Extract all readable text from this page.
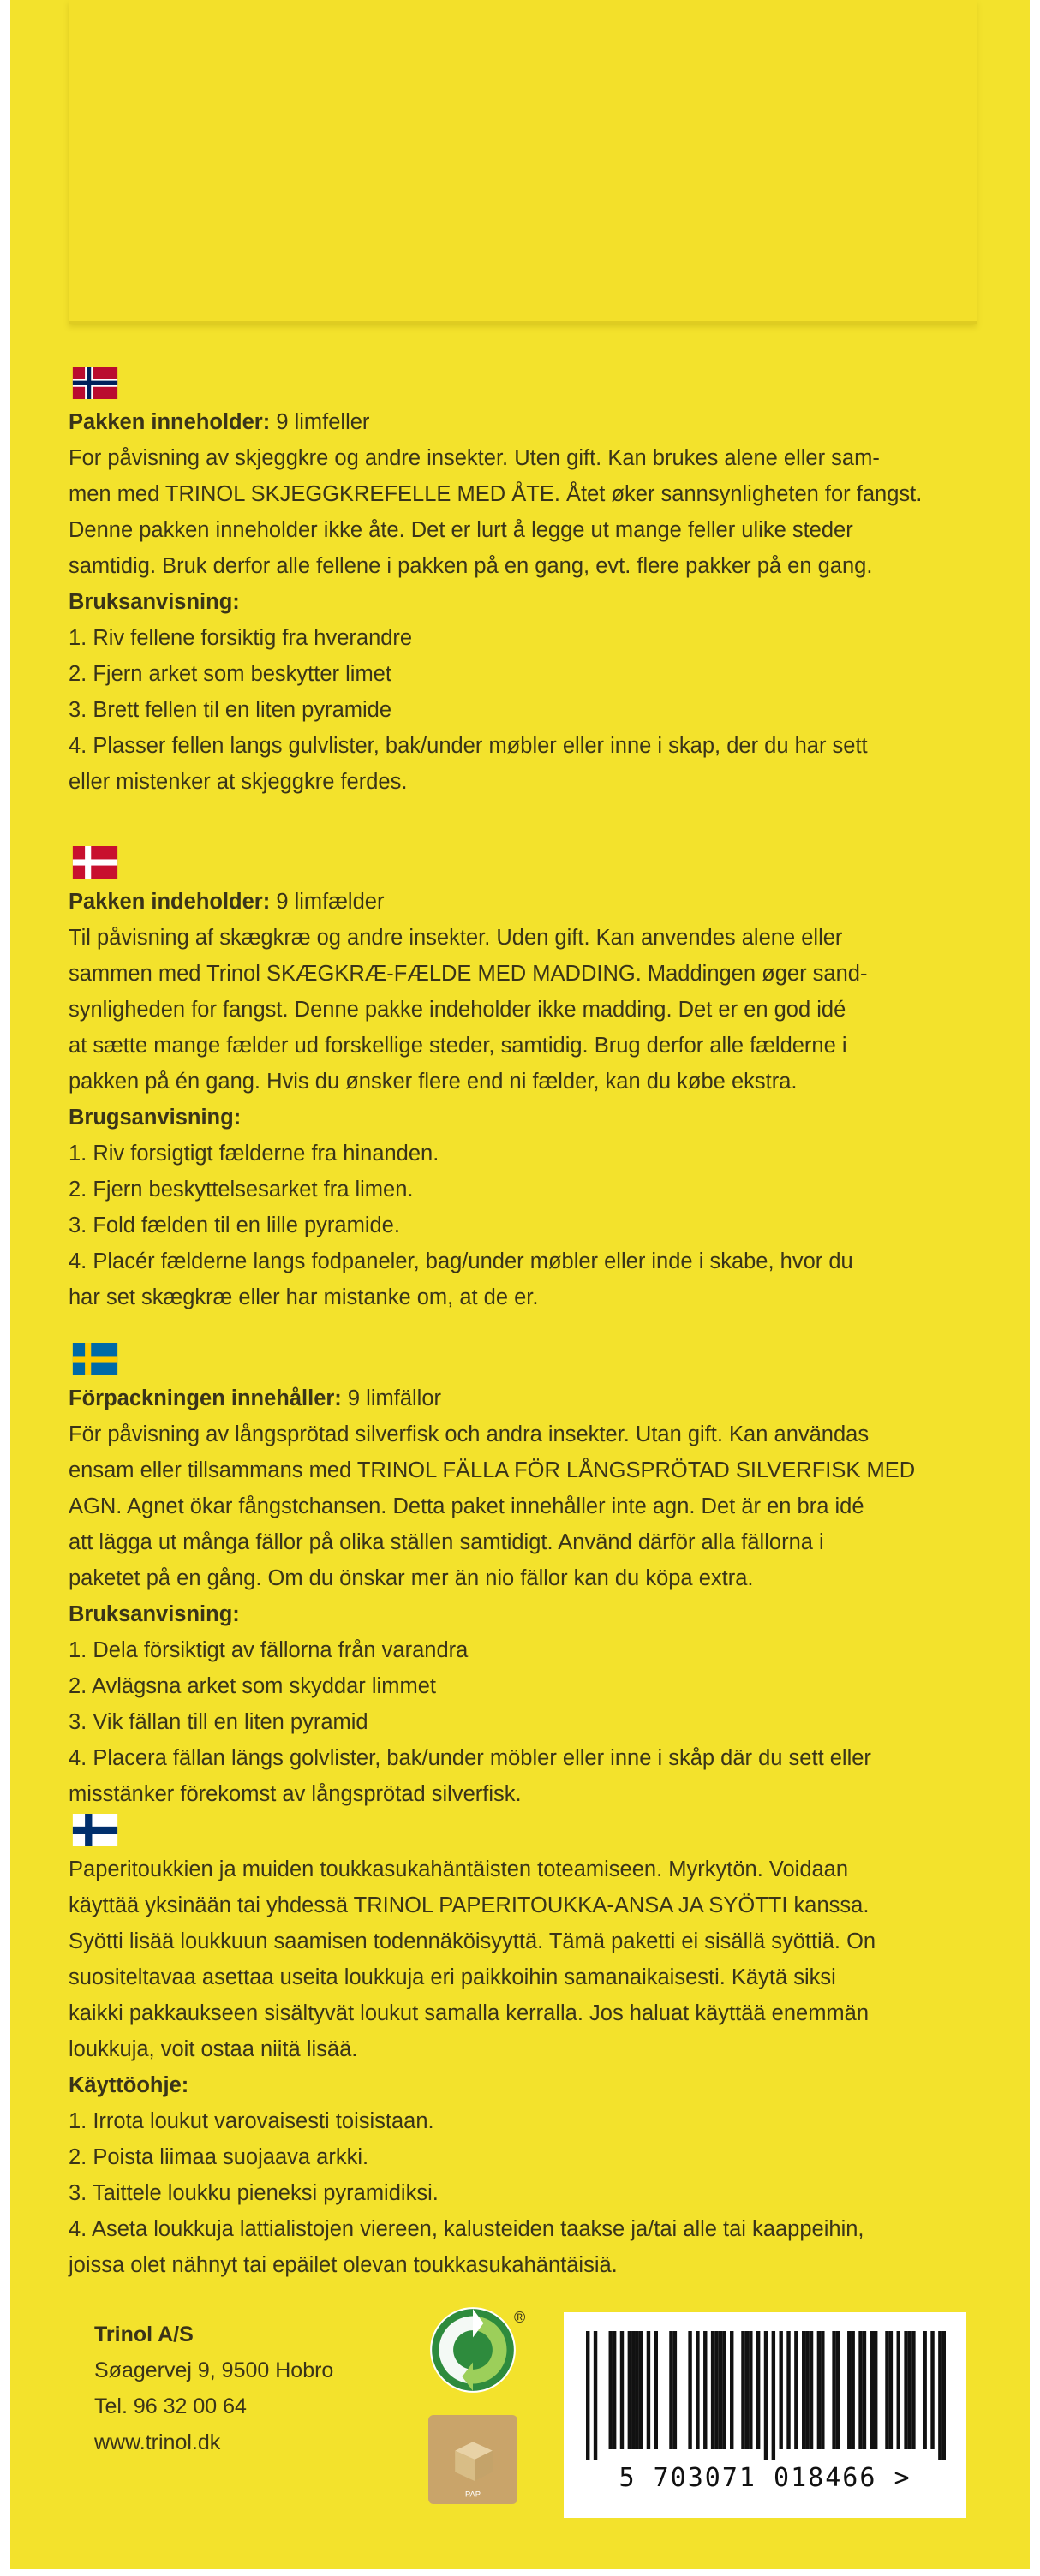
Pakken inneholder: 9 limfeller

For påvisning av skjeggkre og andre insekter. Uten gift. Kan brukes alene eller sam-

men med TRINOL SKJEGGKREFELLE MED ÅTE. Åtet øker sannsynligheten for fangst.

Denne pakken inneholder ikke åte. Det er lurt å legge ut mange feller ulike steder

samtidig. Bruk derfor alle fellene i pakken på en gang, evt. flere pakker på en gang.

Bruksanvisning:

1. Riv fellene forsiktig fra hverandre

2. Fjern arket som beskytter limet

3. Brett fellen til en liten pyramide

4. Plasser fellen langs gulvlister, bak/under møbler eller inne i skap, der du har sett

eller mistenker at skjeggkre ferdes.

Pakken indeholder: 9 limfælder

Til påvisning af skægkræ og andre insekter. Uden gift. Kan anvendes alene eller

sammen med Trinol SKÆGKRÆ-FÆLDE MED MADDING. Maddingen øger sand-

synligheden for fangst. Denne pakke indeholder ikke madding. Det er en god idé

at sætte mange fælder ud forskellige steder, samtidig. Brug derfor alle fælderne i

pakken på én gang. Hvis du ønsker flere end ni fælder, kan du købe ekstra.

Brugsanvisning:

1. Riv forsigtigt fælderne fra hinanden.

2. Fjern beskyttelsesarket fra limen.

3. Fold fælden til en lille pyramide.

4. Placér fælderne langs fodpaneler, bag/under møbler eller inde i skabe, hvor du

har set skægkræ eller har mistanke om, at de er.

Förpackningen innehåller: 9 limfällor

För påvisning av långsprötad silverfisk och andra insekter. Utan gift. Kan användas

ensam eller tillsammans med TRINOL FÄLLA FÖR LÅNGSPRÖTAD SILVERFISK MED

AGN. Agnet ökar fångstchansen. Detta paket innehåller inte agn. Det är en bra idé

att lägga ut många fällor på olika ställen samtidigt. Använd därför alla fällorna i

paketet på en gång. Om du önskar mer än nio fällor kan du köpa extra.

Bruksanvisning:

1. Dela försiktigt av fällorna från varandra

2. Avlägsna arket som skyddar limmet

3. Vik fällan till en liten pyramid

4. Placera fällan längs golvlister, bak/under möbler eller inne i skåp där du sett eller

misstänker förekomst av långsprötad silverfisk.

Paperitoukkien ja muiden toukkasukahäntäisten toteamiseen. Myrkytön. Voidaan

käyttää yksinään tai yhdessä TRINOL PAPERITOUKKA-ANSA JA SYÖTTI kanssa.

Syötti lisää loukkuun saamisen todennäköisyyttä. Tämä paketti ei sisällä syöttiä. On

suositeltavaa asettaa useita loukkuja eri paikkoihin samanaikaisesti. Käytä siksi

kaikki pakkaukseen sisältyvät loukut samalla kerralla. Jos haluat käyttää enemmän

loukkuja, voit ostaa niitä lisää.

Käyttöohje:

1. Irrota loukut varovaisesti toisistaan.

2. Poista liimaa suojaava arkki.

3. Taittele loukku pieneksi pyramidiksi.

4. Aseta loukkuja lattialistojen viereen, kalusteiden taakse ja/tai alle tai kaappeihin,

joissa olet nähnyt tai epäilet olevan toukkasukahäntäisiä.

Trinol A/S
Søagervej 9, 9500 Hobro
Tel. 96 32 00 64
www.trinol.dk
®
PAP
5 703071 018466 >
